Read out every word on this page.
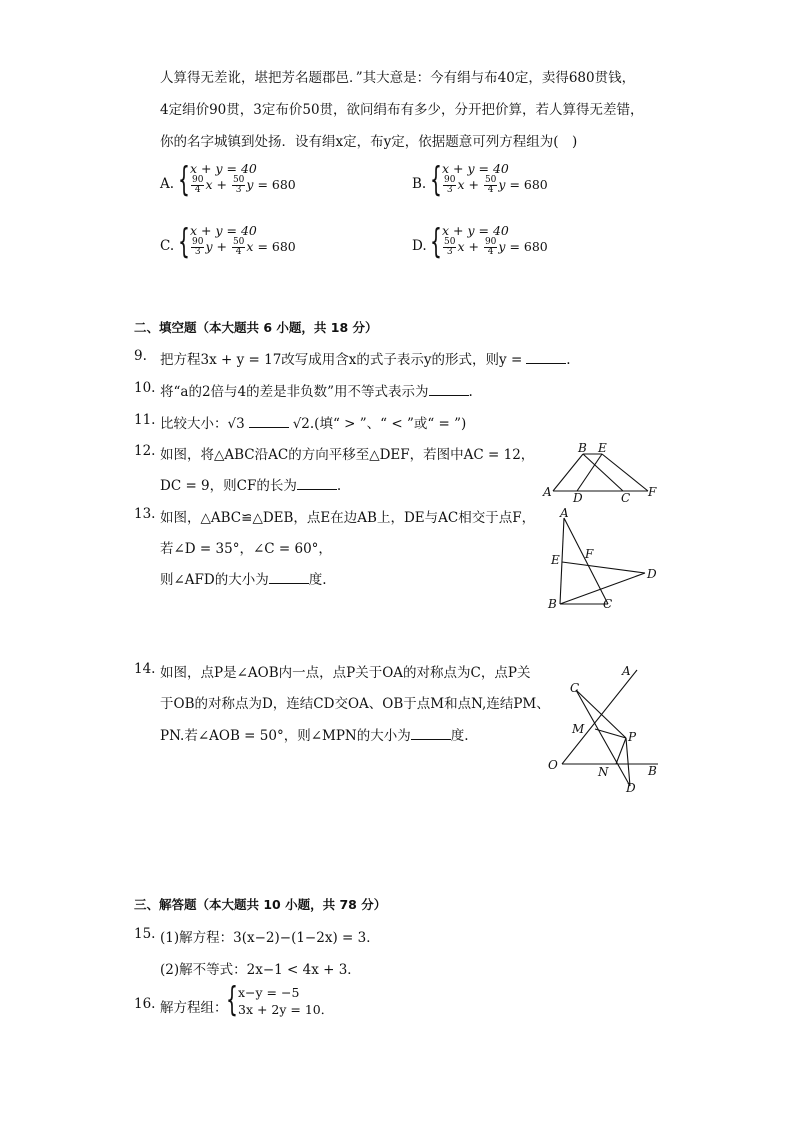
人算得无差讹，堪把芳名题郡邑．”其大意是：今有绢与布40定，卖得680贯钱，
4定绢价90贯，3定布价50贯，欲问绢布有多少，分开把价算，若人算得无差错，
你的名字城镇到处扬．设有绢x定，布y定，依据题意可列方程组为(　)
A. { x + y = 40
$\frac{90}{4}$ $x + \frac{50}{3}$ y = 680	B. { x + y = 40
$\frac{90}{3}$ $x + \frac{50}{4}$ y = 680
C. { x + y = 40
$\frac{90}{3}$ $y + \frac{50}{4}$ x = 680	D. { x + y = 40
$\frac{50}{3}$ $x + \frac{90}{4}$ y = 680
二、填空题（本大题共 6 小题，共 18 分）
9. 把方程3x + y = 17改写成用含x的式子表示y的形式，则y =	.
10. 将“a的2倍与4的差是非负数”用不等式表示为	.
11. 比较大小：√3	√2.(填“ > ”、“ < ”或“ = ”)
12. 如图，将△ABC沿AC的方向平移至△DEF，若图中AC = 12，
DC = 9，则CF的长为	.
B E
A D	C F
13. 如图，△ABC≌△DEB，点E在边AB上，DE与AC相交于点F，
若∠D = 35°，∠C = 60°，
则∠AFD的大小为	度.
A
E F
D
B	C
14. 如图，点P是∠AOB内一点，点P关于OA的对称点为C，点P关
于OB的对称点为D，连结CD交OA、OB于点M和点N,连结PM、
PN.若∠AOB = 50°，则∠MPN的大小为	度.
A
C
M
P
O	N	B
D
三、解答题（本大题共 10 小题，共 78 分）
15. (1)解方程：3(x−2)−(1−2x) = 3．
(2)解不等式：2x−1 < 4x + 3．
16. 解方程组：
{ x−y = −5
3x + 2y = 10．
